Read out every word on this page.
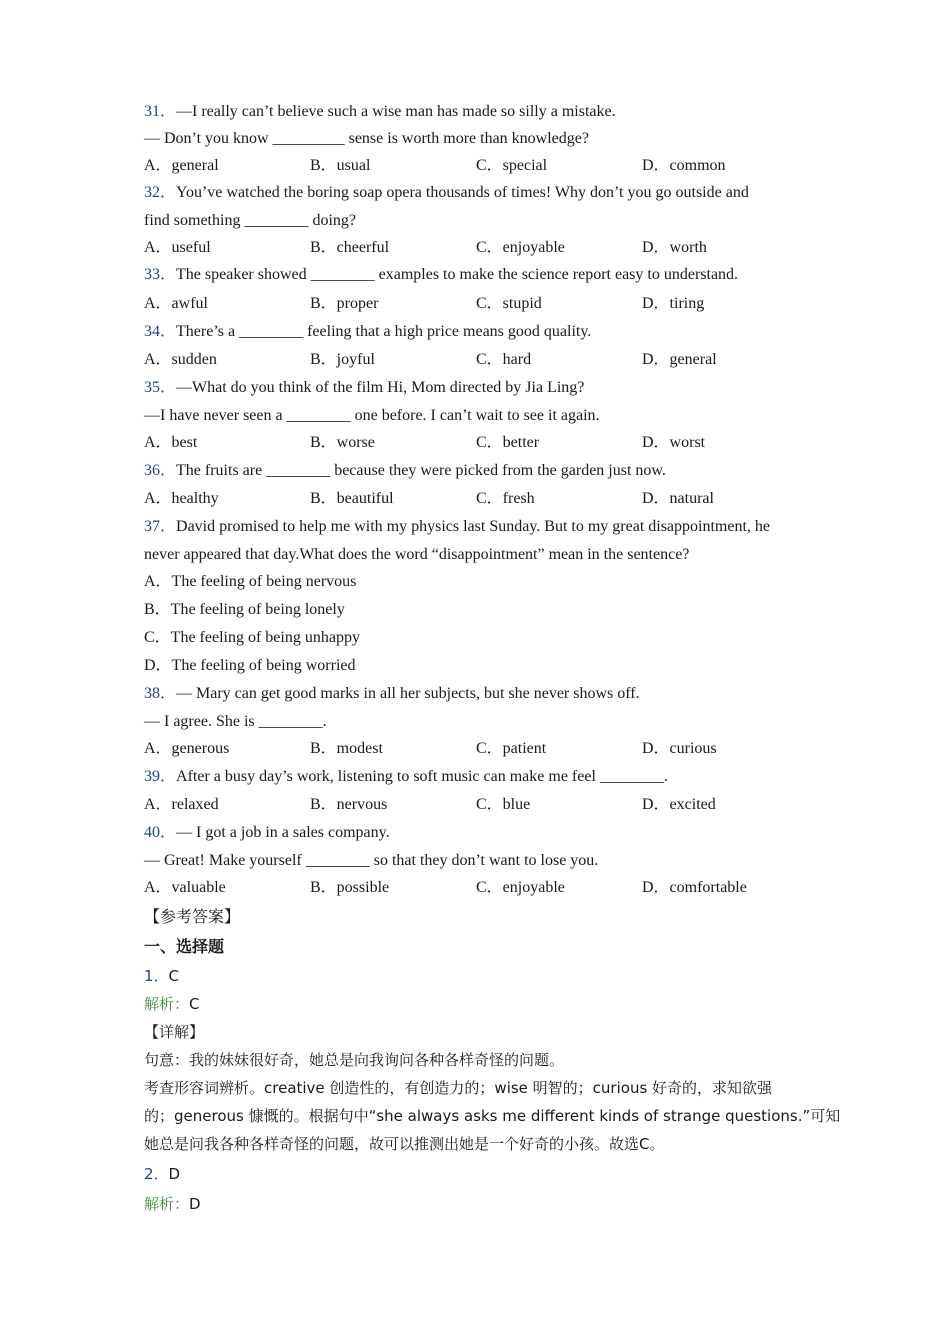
31．—I really can’t believe such a wise man has made so silly a mistake.
— Don’t you know _________ sense is worth more than knowledge?
A．general	B．usual	C．special	D．common
32．You’ve watched the boring soap opera thousands of times! Why don’t you go outside and
find something ________ doing?
A．useful	B．cheerful	C．enjoyable	D．worth
33．The speaker showed ________ examples to make the science report easy to understand.
A．awful	B．proper	C．stupid	D．tiring
34．There’s a ________ feeling that a high price means good quality.
A．sudden	B．joyful	C．hard	D．general
35．—What do you think of the film Hi, Mom directed by Jia Ling?
—I have never seen a ________ one before. I can’t wait to see it again.
A．best	B．worse	C．better	D．worst
36．The fruits are ________ because they were picked from the garden just now.
A．healthy	B．beautiful	C．fresh	D．natural
37．David promised to help me with my physics last Sunday. But to my great disappointment, he
never appeared that day.What does the word “disappointment” mean in the sentence?
A．The feeling of being nervous
B．The feeling of being lonely
C．The feeling of being unhappy
D．The feeling of being worried
38．— Mary can get good marks in all her subjects, but she never shows off.
— I agree. She is ________.
A．generous	B．modest	C．patient	D．curious
39．After a busy day’s work, listening to soft music can make me feel ________.
A．relaxed	B．nervous	C．blue	D．excited
40．— I got a job in a sales company.
— Great! Make yourself ________ so that they don’t want to lose you.
A．valuable	B．possible	C．enjoyable	D．comfortable
【参考答案】
一、选择题
1．C
解析：C
【详解】
句意：我的妹妹很好奇，她总是向我询问各种各样奇怪的问题。
考查形容词辨析。creative 创造性的，有创造力的；wise 明智的；curious 好奇的，求知欲强
的；generous 慷慨的。根据句中“she always asks me different kinds of strange questions.”可知
她总是问我各种各样奇怪的问题，故可以推测出她是一个好奇的小孩。故选C。
2．D
解析：D
